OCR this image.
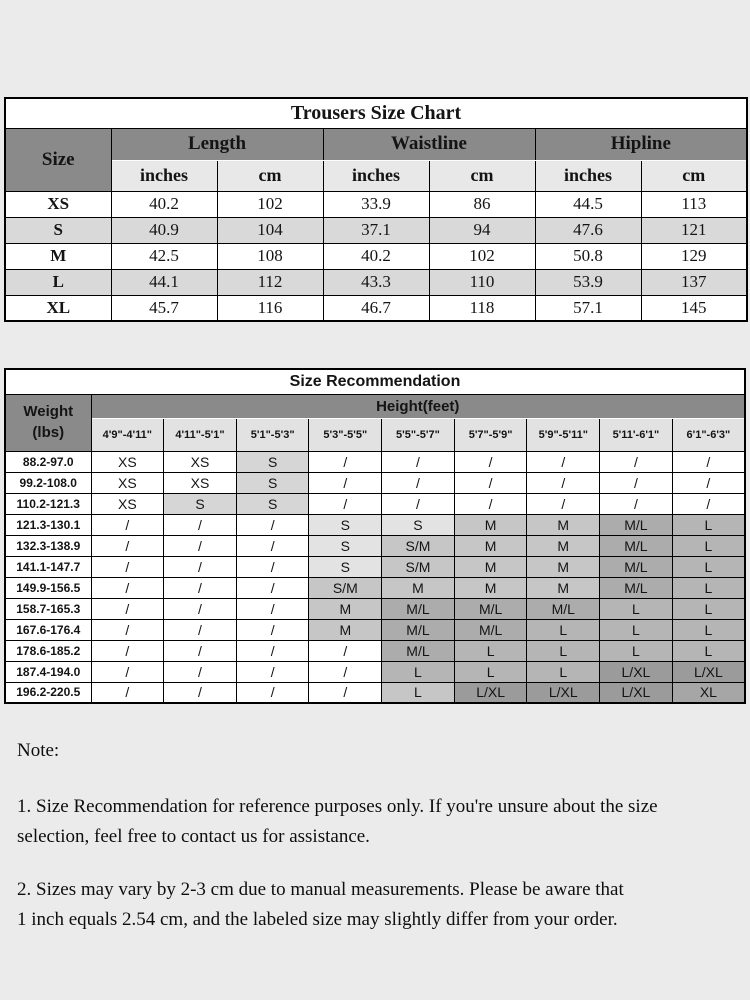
Trousers Size Chart						
Size	Length		Waistline		Hipline	
	inches	cm	inches	cm	inches	cm
XS	40.2	102	33.9	86	44.5	113
S	40.9	104	37.1	94	47.6	121
M	42.5	108	40.2	102	50.8	129
L	44.1	112	43.3	110	53.9	137
XL	45.7	116	46.7	118	57.1	145
Size Recommendation									

Weight
(lbs)	Height(feet)								
	4'9"-4'11"	4'11"-5'1"	5'1"-5'3"	5'3"-5'5"	5'5"-5'7"	5'7"-5'9"	5'9"-5'11"	5'11'-6'1"	6'1"-6'3"
88.2-97.0	XS	XS	S	/	/	/	/	/	/
99.2-108.0	XS	XS	S	/	/	/	/	/	/
110.2-121.3	XS	S	S	/	/	/	/	/	/
121.3-130.1	/	/	/	S	S	M	M	M/L	L
132.3-138.9	/	/	/	S	S/M	M	M	M/L	L
141.1-147.7	/	/	/	S	S/M	M	M	M/L	L
149.9-156.5	/	/	/	S/M	M	M	M	M/L	L
158.7-165.3	/	/	/	M	M/L	M/L	M/L	L	L
167.6-176.4	/	/	/	M	M/L	M/L	L	L	L
178.6-185.2	/	/	/	/	M/L	L	L	L	L
187.4-194.0	/	/	/	/	L	L	L	L/XL	L/XL
196.2-220.5	/	/	/	/	L	L/XL	L/XL	L/XL	XL
Note:

1. Size Recommendation for reference purposes only. If you're unsure about the size
selection, feel free to contact us for assistance.

2. Sizes may vary by 2-3 cm due to manual measurements. Please be aware that
1 inch equals 2.54 cm, and the labeled size may slightly differ from your order.
